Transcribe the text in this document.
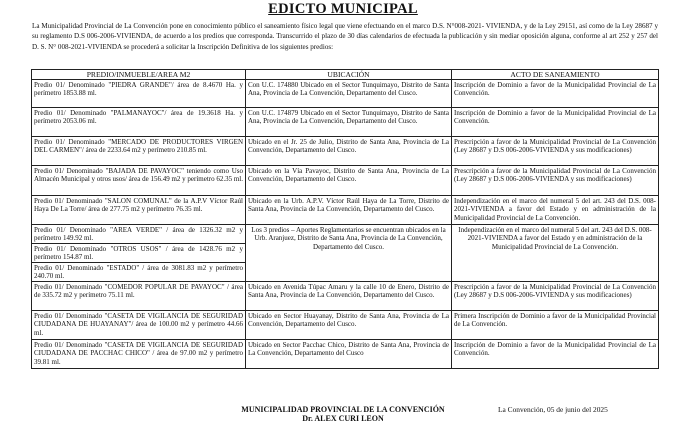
EDICTO MUNICIPAL
La Municipalidad Provincial de La Convención pone en conocimiento público el saneamiento físico legal que viene efectuando en el marco D.S. N°008-2021- VIVIENDA, y de la Ley 29151, así como de la Ley 28687 y su reglamento D.S 006-2006-VIVIENDA, de acuerdo a los predios que corresponda. Transcurrido el plazo de 30 días calendarios de efectuada la publicación y sin mediar oposición alguna, conforme al art 252 y 257 del D. S. N° 008-2021-VIVIENDA se procederá a solicitar la Inscripción Definitiva de los siguientes predios:
PREDIO/INMUEBLE/AREA M2	UBICACIÓN	ACTO DE SANEAMIENTO
Predio 01/ Denominado "PIEDRA GRANDE"/ área de 8.4670 Ha. y perímetro 1853.88 ml.	Con U.C. 174880 Ubicado en el Sector Tunquimayo, Distrito de Santa Ana, Provincia de La Convención, Departamento del Cusco.	Inscripción de Dominio a favor de la Municipalidad Provincial de La Convención.
Predio 01/ Denominado "PALMANAYOC"/ área de 19.3618 Ha. y perímetro 2053.06 ml.	Con U.C. 174879 Ubicado en el Sector Tunquimayo, Distrito de Santa Ana, Provincia de La Convención, Departamento del Cusco.	Inscripción de Dominio a favor de la Municipalidad Provincial de La Convención.
Predio 01/ Denominado "MERCADO DE PRODUCTORES VIRGEN DEL CARMEN"/ área de 2233.64 m2 y perímetro 210.85 ml.	Ubicado en el Jr. 25 de Julio, Distrito de Santa Ana, Provincia de La Convención, Departamento del Cusco.	Prescripción a favor de la Municipalidad Provincial de La Convención (Ley 28687 y D.S 006-2006-VIVIENDA y sus modificaciones)
Predio 01/ Denominado "BAJADA DE PAVAYOC" teniendo como Uso Almacén Municipal y otros usos/ área de 156.49 m2 y perímetro 62.35 ml.	Ubicado en la Vía Pavayoc, Distrito de Santa Ana, Provincia de La Convención, Departamento del Cusco.	Prescripción a favor de la Municipalidad Provincial de La Convención (Ley 28687 y D.S 006-2006-VIVIENDA y sus modificaciones)
Predio 01/ Denominado "SALON COMUNAL" de la A.P.V Víctor Raúl Haya De La Torre/ área de 277.75 m2 y perímetro 76.35 ml.	Ubicado en la Urb. A.P.V. Víctor Raúl Haya de La Torre, Distrito de Santa Ana, Provincia de La Convención, Departamento del Cusco.	Independización en el marco del numeral 5 del art. 243 del D.S. 008-2021-VIVIENDA a favor del Estado y en administración de la Municipalidad Provincial de La Convención.
Predio 01/ Denominado "AREA VERDE" / área de 1326.32 m2 y perímetro 149.92 ml.	Los 3 predios – Aportes Reglamentarios se encuentran ubicados en la Urb. Aranjuez, Distrito de Santa Ana, Provincia de La Convención, Departamento del Cusco.	Independización en el marco del numeral 5 del art. 243 del D.S. 008-2021-VIVIENDA a favor del Estado y en administración de la Municipalidad Provincial de La Convención.
Predio 01/ Denominado "OTROS USOS" / área de 1428.76 m2 y perímetro 154.87 ml.		
Predio 01/ Denominado "ESTADO" / área de 3081.83 m2 y perímetro 240.70 ml.		
Predio 01/ Denominado "COMEDOR POPULAR DE PAVAYOC" / área de 335.72 m2 y perímetro 75.11 ml.	Ubicado en Avenida Túpac Amaru y la calle 10 de Enero, Distrito de Santa Ana, Provincia de La Convención, Departamento del Cusco.	Prescripción a favor de la Municipalidad Provincial de La Convención (Ley 28687 y D.S 006-2006-VIVIENDA y sus modificaciones)
Predio 01/ Denominado "CASETA DE VIGILANCIA DE SEGURIDAD CIUDADANA DE HUAYANAY"/ área de 100.00 m2 y perímetro 44.66 ml.	Ubicado en Sector Huayanay, Distrito de Santa Ana, Provincia de La Convención, Departamento del Cusco.	Primera Inscripción de Dominio a favor de la Municipalidad Provincial de La Convención.
Predio 01/ Denominado "CASETA DE VIGILANCIA DE SEGURIDAD CIUDADANA DE PACCHAC CHICO" / área de 97.00 m2 y perímetro 39.81 ml.	Ubicado en Sector Pacchac Chico, Distrito de Santa Ana, Provincia de La Convención, Departamento del Cusco	Inscripción de Dominio a favor de la Municipalidad Provincial de La Convención.
MUNICIPALIDAD PROVINCIAL DE LA CONVENCIÓN
Dr. ALEX CURI LEON
La Convención, 05 de junio del 2025
